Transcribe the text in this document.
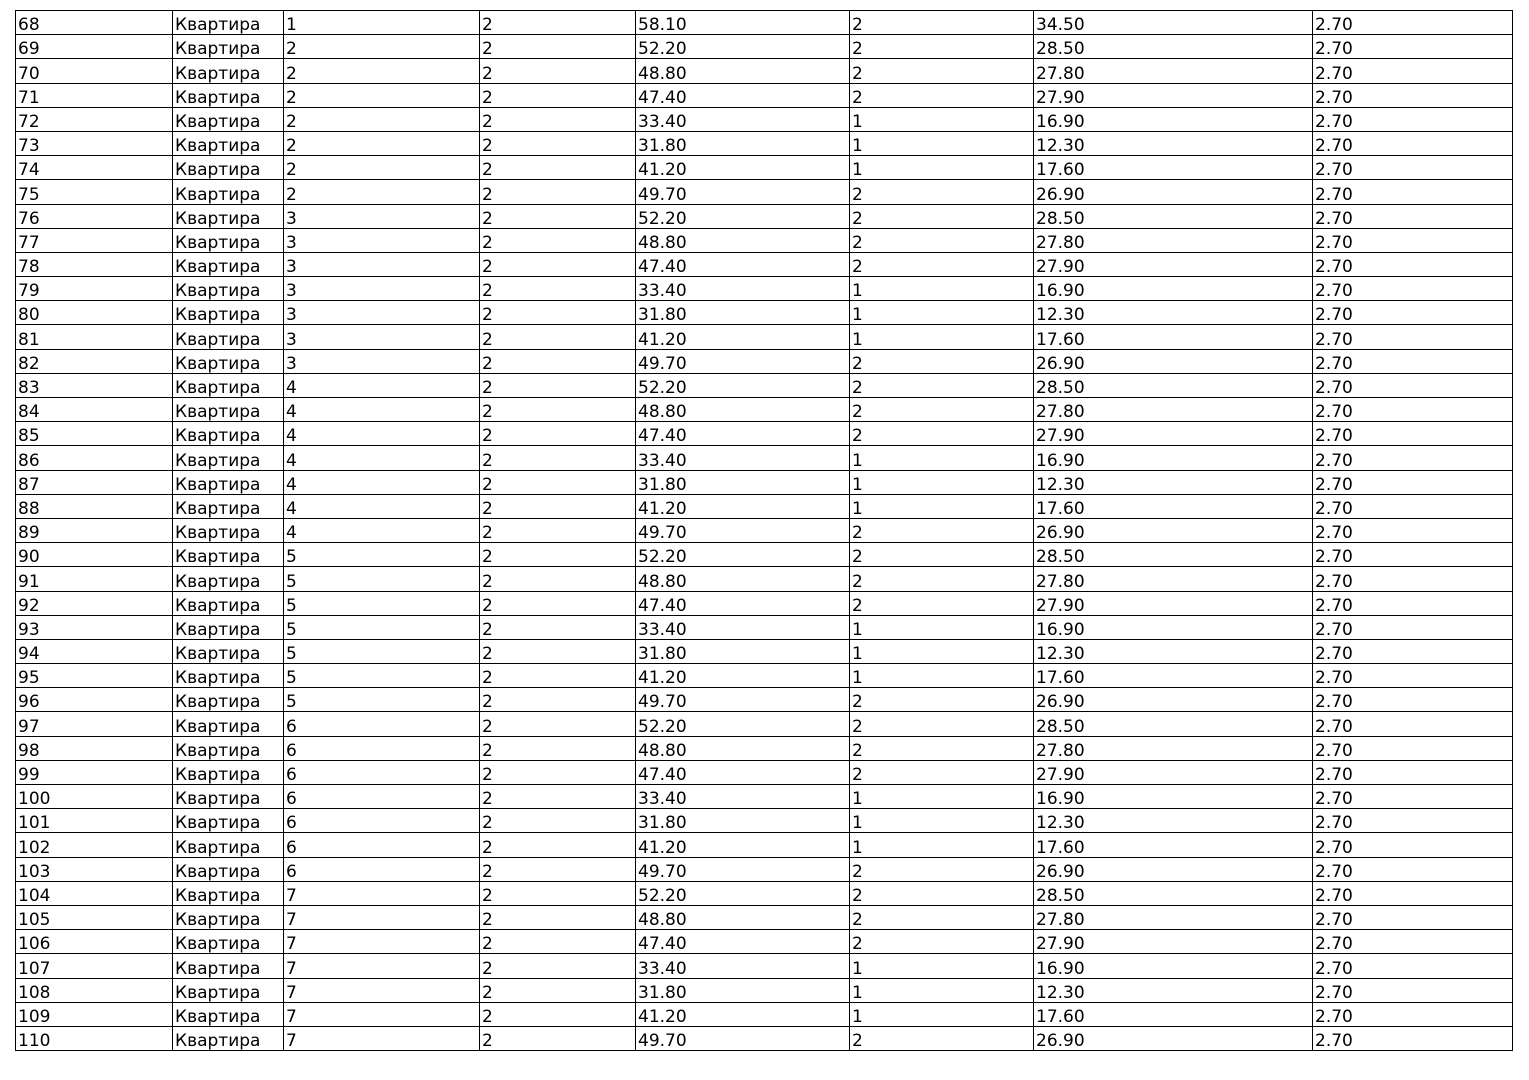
68	Квартира	1	2	58.10	2	34.50	2.70
69	Квартира	2	2	52.20	2	28.50	2.70
70	Квартира	2	2	48.80	2	27.80	2.70
71	Квартира	2	2	47.40	2	27.90	2.70
72	Квартира	2	2	33.40	1	16.90	2.70
73	Квартира	2	2	31.80	1	12.30	2.70
74	Квартира	2	2	41.20	1	17.60	2.70
75	Квартира	2	2	49.70	2	26.90	2.70
76	Квартира	3	2	52.20	2	28.50	2.70
77	Квартира	3	2	48.80	2	27.80	2.70
78	Квартира	3	2	47.40	2	27.90	2.70
79	Квартира	3	2	33.40	1	16.90	2.70
80	Квартира	3	2	31.80	1	12.30	2.70
81	Квартира	3	2	41.20	1	17.60	2.70
82	Квартира	3	2	49.70	2	26.90	2.70
83	Квартира	4	2	52.20	2	28.50	2.70
84	Квартира	4	2	48.80	2	27.80	2.70
85	Квартира	4	2	47.40	2	27.90	2.70
86	Квартира	4	2	33.40	1	16.90	2.70
87	Квартира	4	2	31.80	1	12.30	2.70
88	Квартира	4	2	41.20	1	17.60	2.70
89	Квартира	4	2	49.70	2	26.90	2.70
90	Квартира	5	2	52.20	2	28.50	2.70
91	Квартира	5	2	48.80	2	27.80	2.70
92	Квартира	5	2	47.40	2	27.90	2.70
93	Квартира	5	2	33.40	1	16.90	2.70
94	Квартира	5	2	31.80	1	12.30	2.70
95	Квартира	5	2	41.20	1	17.60	2.70
96	Квартира	5	2	49.70	2	26.90	2.70
97	Квартира	6	2	52.20	2	28.50	2.70
98	Квартира	6	2	48.80	2	27.80	2.70
99	Квартира	6	2	47.40	2	27.90	2.70
100	Квартира	6	2	33.40	1	16.90	2.70
101	Квартира	6	2	31.80	1	12.30	2.70
102	Квартира	6	2	41.20	1	17.60	2.70
103	Квартира	6	2	49.70	2	26.90	2.70
104	Квартира	7	2	52.20	2	28.50	2.70
105	Квартира	7	2	48.80	2	27.80	2.70
106	Квартира	7	2	47.40	2	27.90	2.70
107	Квартира	7	2	33.40	1	16.90	2.70
108	Квартира	7	2	31.80	1	12.30	2.70
109	Квартира	7	2	41.20	1	17.60	2.70
110	Квартира	7	2	49.70	2	26.90	2.70
